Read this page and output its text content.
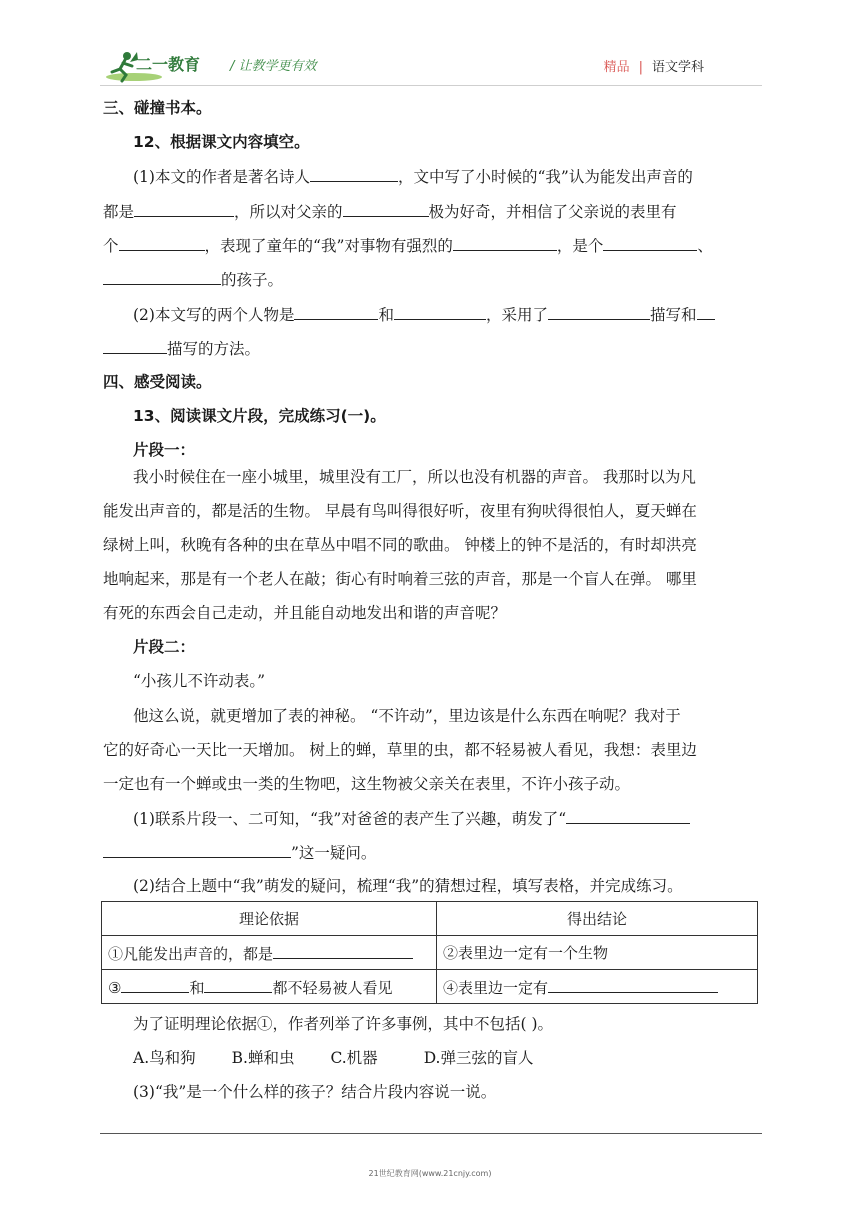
二一教育 / 让教学更有效	精品 | 语文学科
三、碰撞书本。
12、根据课文内容填空。
(1)本文的作者是著名诗人	，文中写了小时候的“我”认为能发出声音的
都是	，所以对父亲的	极为好奇，并相信了父亲说的表里有
个	，表现了童年的“我”对事物有强烈的	，是个	、
的孩子。
(2)本文写的两个人物是	和	，采用了	描写和
描写的方法。
四、感受阅读。
13、阅读课文片段，完成练习(一)。
片段一：
我小时候住在一座小城里，城里没有工厂，所以也没有机器的声音。 我那时以为凡
能发出声音的，都是活的生物。 早晨有鸟叫得很好听，夜里有狗吠得很怕人，夏天蝉在
绿树上叫，秋晚有各种的虫在草丛中唱不同的歌曲。 钟楼上的钟不是活的，有时却洪亮
地响起来，那是有一个老人在敲；街心有时响着三弦的声音，那是一个盲人在弹。 哪里
有死的东西会自己走动，并且能自动地发出和谐的声音呢？
片段二：
“小孩儿不许动表。”
他这么说，就更增加了表的神秘。 “不许动”，里边该是什么东西在响呢？我对于
它的好奇心一天比一天增加。 树上的蝉，草里的虫，都不轻易被人看见，我想：表里边
一定也有一个蝉或虫一类的生物吧，这生物被父亲关在表里，不许小孩子动。
(1)联系片段一、二可知，“我”对爸爸的表产生了兴趣，萌发了“
”这一疑问。
(2)结合上题中“我”萌发的疑问，梳理“我”的猜想过程，填写表格，并完成练习。
理论依据	得出结论
①凡能发出声音的，都是	②表里边一定有一个生物
③ 和 都不轻易被人看见	④表里边一定有
为了证明理论依据①，作者列举了许多事例，其中不包括( )。
A.鸟和狗 B.蝉和虫 C.机器	D.弹三弦的盲人
(3)“我”是一个什么样的孩子？结合片段内容说一说。
21世纪教育网(www.21cnjy.com)
